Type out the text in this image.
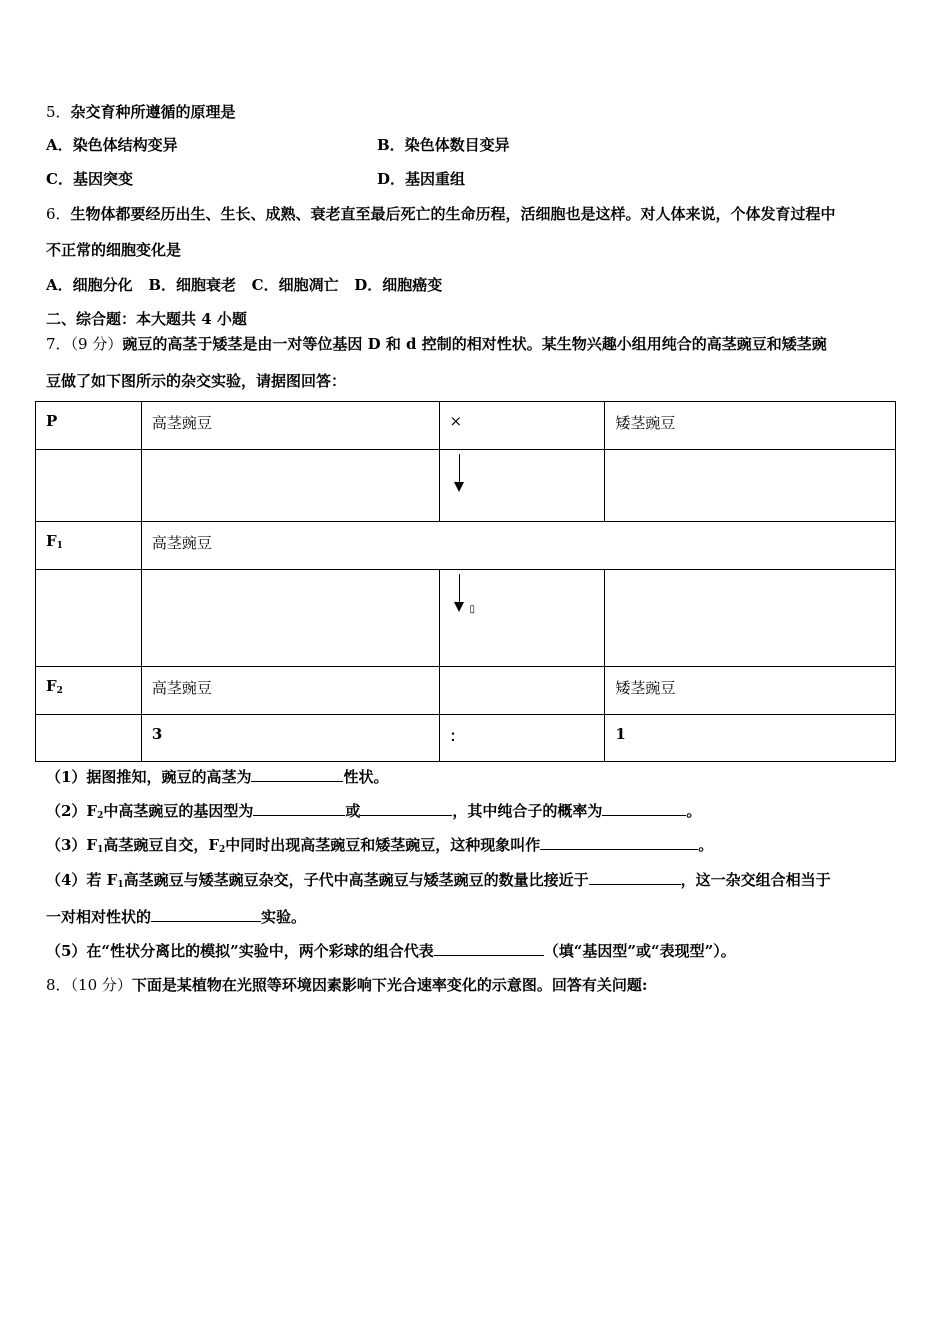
5．杂交育种所遵循的原理是
A．染色体结构变异	B．染色体数目变异
C．基因突变	D．基因重组
6．生物体都要经历出生、生长、成熟、衰老直至最后死亡的生命历程，活细胞也是这样。对人体来说，个体发育过程中
不正常的细胞变化是
A．细胞分化 B．细胞衰老 C．细胞凋亡 D．细胞癌变
二、综合题：本大题共 4 小题
7．（9 分）豌豆的高茎于矮茎是由一对等位基因 D 和 d 控制的相对性状。某生物兴趣小组用纯合的高茎豌豆和矮茎豌
豆做了如下图所示的杂交实验，请据图回答：
P	高茎豌豆	×	矮茎豌豆

$F_1$	高茎豌豆		

		▯	

$F_2$	高茎豌豆		矮茎豌豆
	3	：	1
（1）据图推知，豌豆的高茎为	性状。
$(2)F_2$中高茎豌豆的基因型为	或	，其中纯合子的概率为	。
$(3)F_1$高茎豌豆自交，$F_2$中同时出现高茎豌豆和矮茎豌豆，这种现象叫作	。
（4）若 $F_1$高茎豌豆与矮茎豌豆杂交，子代中高茎豌豆与矮茎豌豆的数量比接近于	，这一杂交组合相当于
一对相对性状的	实验。
（5）在“性状分离比的模拟”实验中，两个彩球的组合代表	（填“基因型”或“表现型”）。
8．（10 分）下面是某植物在光照等环境因素影响下光合速率变化的示意图。回答有关问题:
